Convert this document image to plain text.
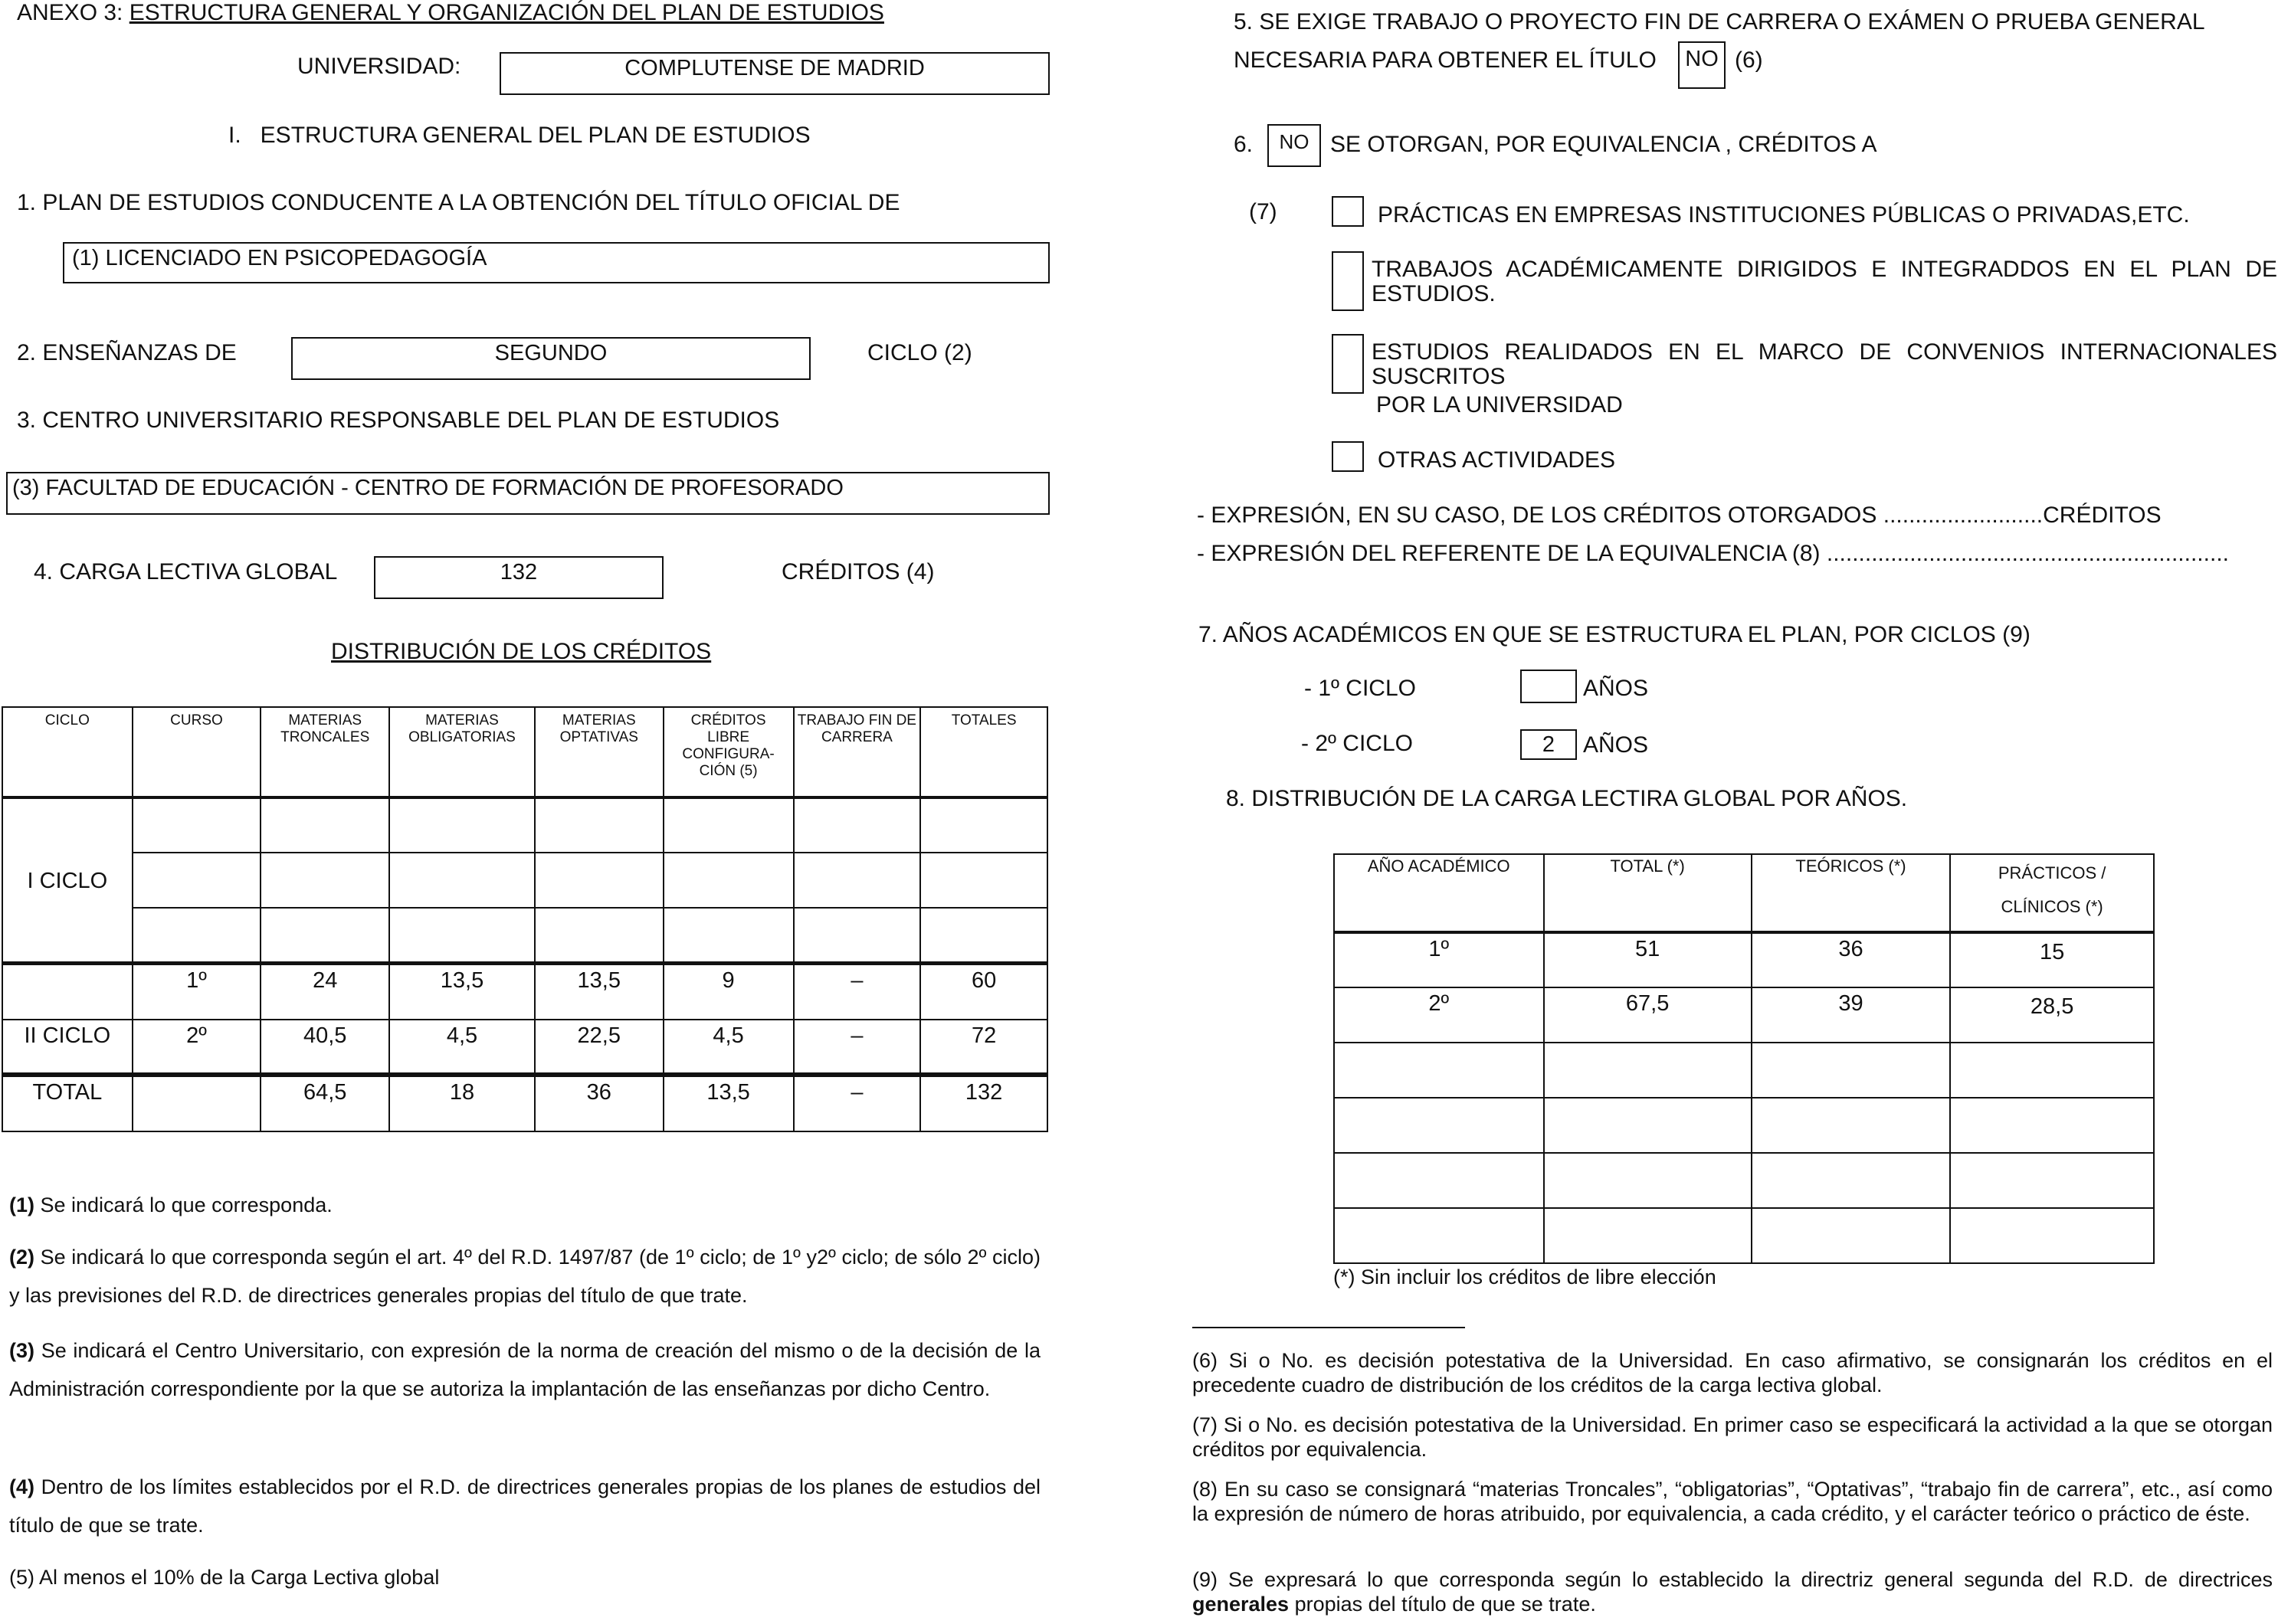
ANEXO 3: ESTRUCTURA GENERAL Y ORGANIZACIÓN DEL PLAN DE ESTUDIOS
UNIVERSIDAD:	COMPLUTENSE DE MADRID
I.   ESTRUCTURA GENERAL DEL PLAN DE ESTUDIOS
1. PLAN DE ESTUDIOS CONDUCENTE A LA OBTENCIÓN DEL TÍTULO OFICIAL DE
(1) LICENCIADO EN PSICOPEDAGOGÍA
2. ENSEÑANZAS DE	SEGUNDO	CICLO (2)
3. CENTRO UNIVERSITARIO RESPONSABLE DEL PLAN DE ESTUDIOS
(3) FACULTAD DE EDUCACIÓN - CENTRO DE FORMACIÓN DE PROFESORADO
4. CARGA LECTIVA GLOBAL	132	CRÉDITOS (4)
DISTRIBUCIÓN DE LOS CRÉDITOS
CICLO	CURSO	MATERIAS TRONCALES	MATERIAS OBLIGATORIAS	MATERIAS OPTATIVAS	CRÉDITOS LIBRE CONFIGURA-CIÓN (5)	TRABAJO FIN DE CARRERA	TOTALES
I CICLO							

	1º	24	13,5	13,5	9	–	60
II CICLO	2º	40,5	4,5	22,5	4,5	–	72
TOTAL		64,5	18	36	13,5	–	132
(1) Se indicará lo que corresponda.
(2) Se indicará lo que corresponda según el art. 4º del R.D. 1497/87 (de 1º ciclo; de 1º y2º ciclo; de sólo 2º ciclo) y las previsiones del R.D. de directrices generales propias del título de que trate.
(3) Se indicará el Centro Universitario, con expresión de la norma de creación del mismo o de la decisión de la Administración correspondiente por la que se autoriza la implantación de las enseñanzas por dicho Centro.
(4) Dentro de los límites establecidos por el R.D. de directrices generales propias de los planes de estudios del título de que se trate.
(5) Al menos el 10% de la Carga Lectiva global
5. SE EXIGE TRABAJO O PROYECTO FIN DE CARRERA O EXÁMEN O PRUEBA GENERAL
NECESARIA PARA OBTENER EL ÍTULO NO (6)
6.	NO SE OTORGAN, POR EQUIVALENCIA , CRÉDITOS A
(7)	PRÁCTICAS EN EMPRESAS INSTITUCIONES PÚBLICAS O PRIVADAS,ETC.
TRABAJOS ACADÉMICAMENTE DIRIGIDOS E INTEGRADDOS EN EL PLAN DE ESTUDIOS.
ESTUDIOS REALIDADOS EN EL MARCO DE CONVENIOS INTERNACIONALES SUSCRITOS
POR LA UNIVERSIDAD
OTRAS ACTIVIDADES
- EXPRESIÓN, EN SU CASO, DE LOS CRÉDITOS OTORGADOS .........................CRÉDITOS
- EXPRESIÓN DEL REFERENTE DE LA EQUIVALENCIA (8) ...............................................................
7. AÑOS ACADÉMICOS EN QUE SE ESTRUCTURA EL PLAN, POR CICLOS (9)
- 1º CICLO	AÑOS
- 2º CICLO	2	AÑOS
8. DISTRIBUCIÓN DE LA CARGA LECTIRA GLOBAL POR AÑOS.
AÑO ACADÉMICO	TOTAL (*)	TEÓRICOS (*)	PRÁCTICOS / CLÍNICOS (*)
1º	51	36	15
2º	67,5	39	28,5

(*) Sin incluir los créditos de libre elección
(6) Si o No. es decisión potestativa de la Universidad. En caso afirmativo, se consignarán los créditos en el precedente cuadro de distribución de los créditos de la carga lectiva global.
(7) Si o No. es decisión potestativa de la Universidad. En primer caso se especificará la actividad a la que se otorgan créditos por equivalencia.
(8) En su caso se consignará “materias Troncales”, “obligatorias”, “Optativas”, “trabajo fin de carrera”, etc., así como la expresión de número de horas atribuido, por equivalencia, a cada crédito, y el carácter teórico o práctico de éste.
(9) Se expresará lo que corresponda según lo establecido la directriz general segunda del R.D. de directrices generales propias del título de que se trate.
